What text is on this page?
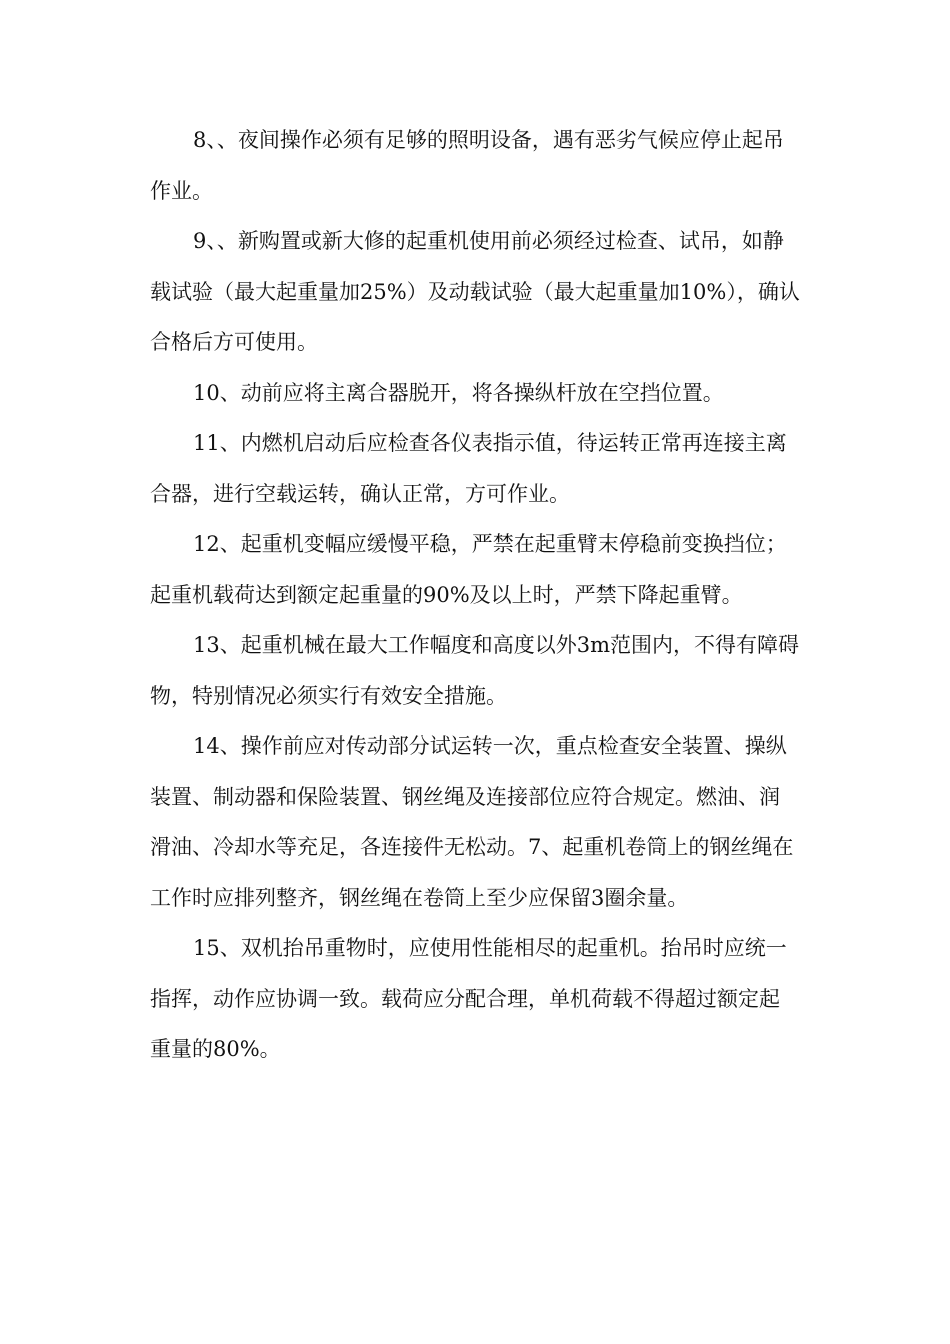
8、、夜间操作必须有足够的照明设备，遇有恶劣气候应停止起吊作业。

9、、新购置或新大修的起重机使用前必须经过检查、试吊，如静载试验（最大起重量加25%）及动载试验（最大起重量加10%），确认合格后方可使用。

10、动前应将主离合器脱开，将各操纵杆放在空挡位置。

11、内燃机启动后应检查各仪表指示值，待运转正常再连接主离合器，进行空载运转，确认正常，方可作业。

12、起重机变幅应缓慢平稳，严禁在起重臂末停稳前变换挡位；起重机载荷达到额定起重量的90%及以上时，严禁下降起重臂。

13、起重机械在最大工作幅度和高度以外3m范围内，不得有障碍物，特别情况必须实行有效安全措施。

14、操作前应对传动部分试运转一次，重点检查安全装置、操纵装置、制动器和保险装置、钢丝绳及连接部位应符合规定。燃油、润滑油、冷却水等充足，各连接件无松动。7、起重机卷筒上的钢丝绳在工作时应排列整齐，钢丝绳在卷筒上至少应保留3圈余量。

15、双机抬吊重物时，应使用性能相尽的起重机。抬吊时应统一指挥，动作应协调一致。载荷应分配合理，单机荷载不得超过额定起重量的80%。
